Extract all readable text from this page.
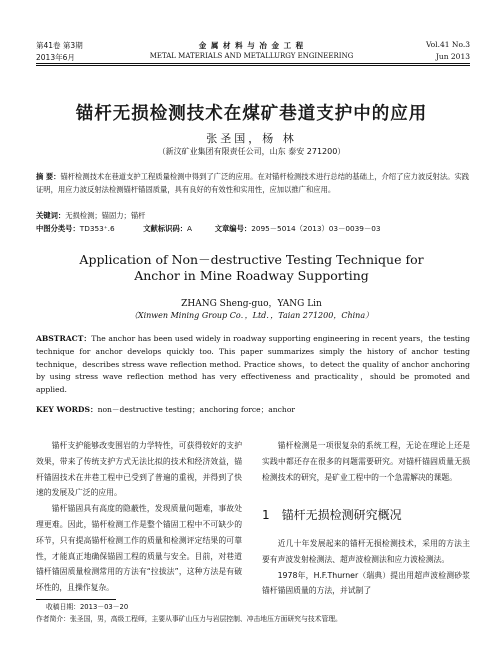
第41卷 第3期
2013年6月
金 属 材 料 与 冶 金 工 程
METAL MATERIALS AND METALLURGY ENGINEERING
Vol.41 No.3
Jun 2013
锚杆无损检测技术在煤矿巷道支护中的应用
张圣国，杨 林
（新汶矿业集团有限责任公司，山东 泰安 271200）
摘 要：锚杆检测技术在巷道支护工程质量检测中得到了广泛的应用。在对锚杆检测技术进行总结的基础上，介绍了应力波反射法。实践证明，用应力波反射法检测锚杆锚固质量，具有良好的有效性和实用性，应加以推广和应用。
关键词：无损检测；锚固力；锚杆
中图分类号：TD353⁺.6	文献标识码：A	文章编号：2095－5014（2013）03－0039－03
Application of Non－destructive Testing Technique for
Anchor in Mine Roadway Supporting
ZHANG Sheng-guo，YANG Lin
（Xinwen Mining Group Co．，Ltd．，Taian 271200，China）
ABSTRACT：The anchor has been used widely in roadway supporting engineering in recent years，the testing technique for anchor develops quickly too. This paper summarizes simply the history of anchor testing technique，describes stress wave reflection method. Practice shows，to detect the quality of anchor anchoring by using stress wave reflection method has very effectiveness and practicality，should be promoted and applied.
KEY WORDS：non－destructive testing；anchoring force；anchor

锚杆支护能够改变围岩的力学特性，可获得较好的支护效果，带来了传统支护方式无法比拟的技术和经济效益，锚杆锚固技术在井巷工程中已受到了普遍的重视，并得到了快速的发展及广泛的应用。

锚杆锚固具有高度的隐蔽性，发现质量问题难，事故处理更难。因此，锚杆检测工作是整个锚固工程中不可缺少的环节，只有提高锚杆检测工作的质量和检测评定结果的可靠性，才能真正地确保锚固工程的质量与安全。目前，对巷道锚杆锚固质量检测常用的方法有“拉拔法”，这种方法是有破坏性的，且操作复杂。

锚杆检测是一项很复杂的系统工程，无论在理论上还是实践中都还存在很多的问题需要研究。对锚杆锚固质量无损检测技术的研究，是矿业工程中的一个急需解决的课题。

1 锚杆无损检测研究概况

近几十年发展起来的锚杆无损检测技术，采用的方法主要有声波发射检测法、超声波检测法和应力波检测法。

1978年，H.F.Thurner（瑞典）提出用超声波检测砂浆锚杆锚固质量的方法，并试制了

收稿日期：2013－03－20
作者简介：张圣国，男，高级工程师，主要从事矿山压力与岩层控制、冲击地压方面研究与技术管理。
